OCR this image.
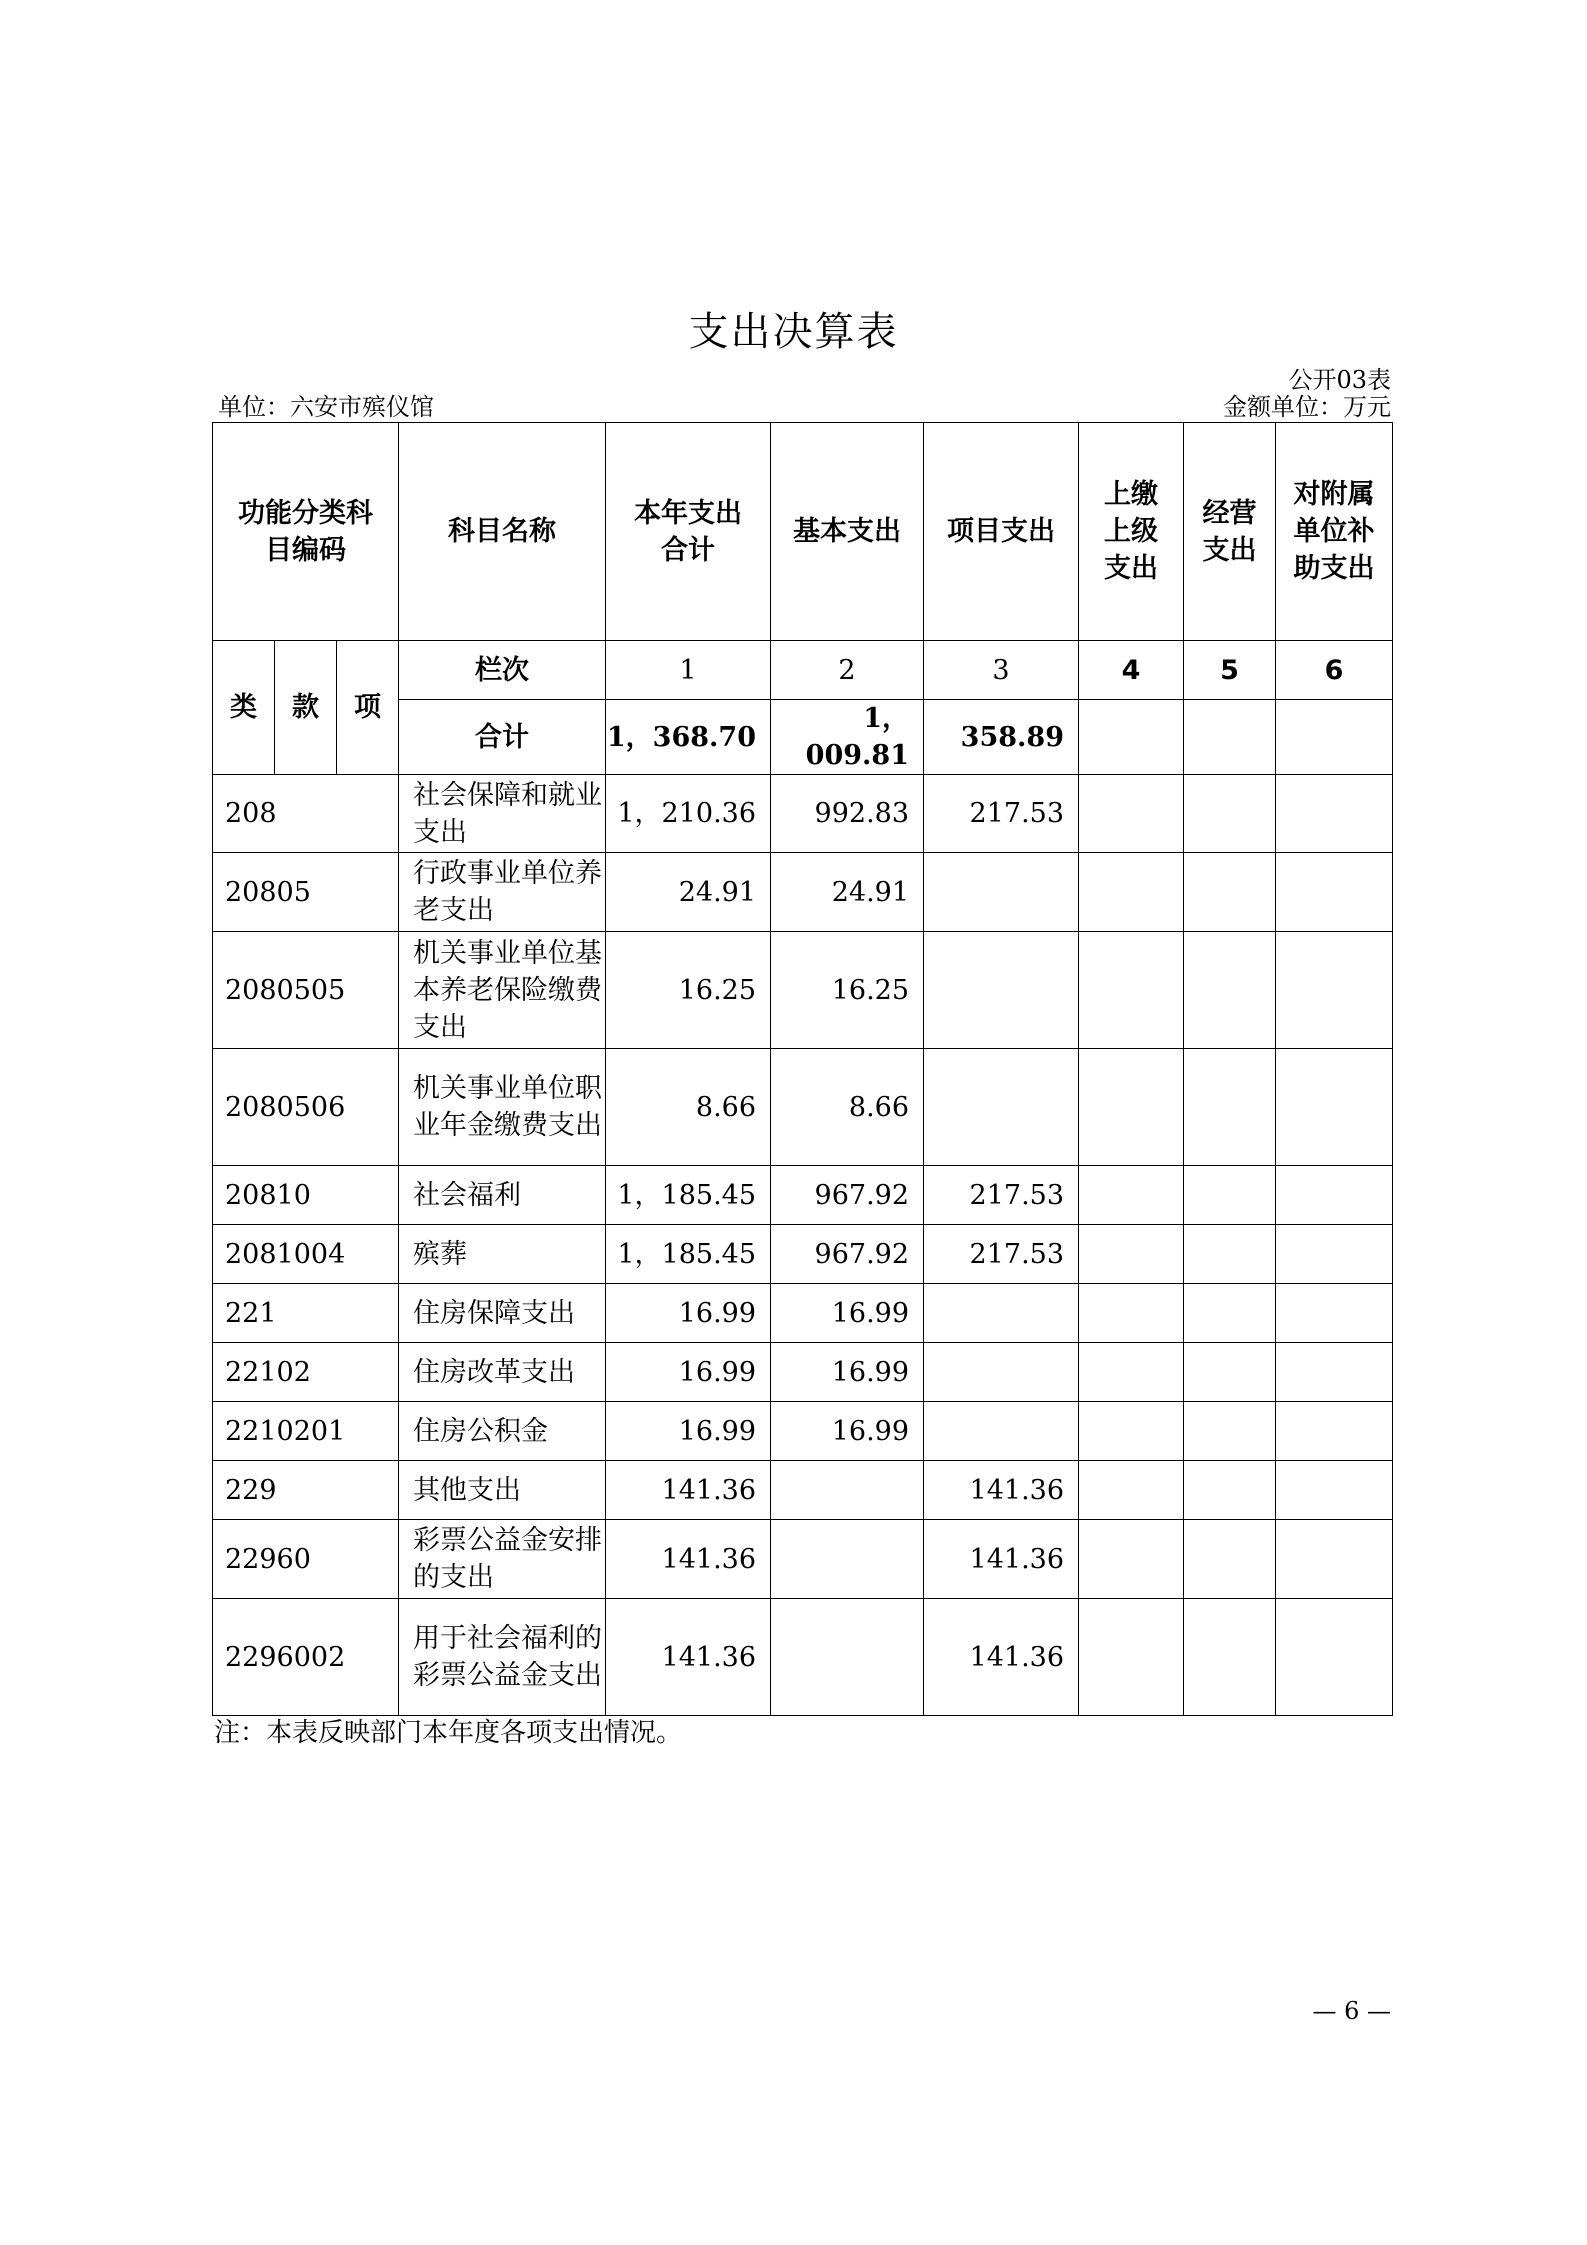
支出决算表
公开03表
单位：六安市殡仪馆	金额单位：万元
功能分类科目编码			科目名称	本年支出合计	基本支出	项目支出	上缴上级支出	经营支出	对附属单位补助支出
类	款	项	栏次	1	2	3	4	5	6
			合计	1，368.70	1，009.81	358.89			
208			社会保障和就业支出	1，210.36	992.83	217.53			
20805			行政事业单位养老支出	24.91	24.91				
2080505			机关事业单位基本养老保险缴费支出	16.25	16.25				
2080506			机关事业单位职业年金缴费支出	8.66	8.66				
20810			社会福利	1，185.45	967.92	217.53			
2081004			殡葬	1，185.45	967.92	217.53			
221			住房保障支出	16.99	16.99				
22102			住房改革支出	16.99	16.99				
2210201			住房公积金	16.99	16.99				
229			其他支出	141.36		141.36			
22960			彩票公益金安排的支出	141.36		141.36			
2296002			用于社会福利的彩票公益金支出	141.36		141.36			
注：本表反映部门本年度各项支出情况。
— 6 —
